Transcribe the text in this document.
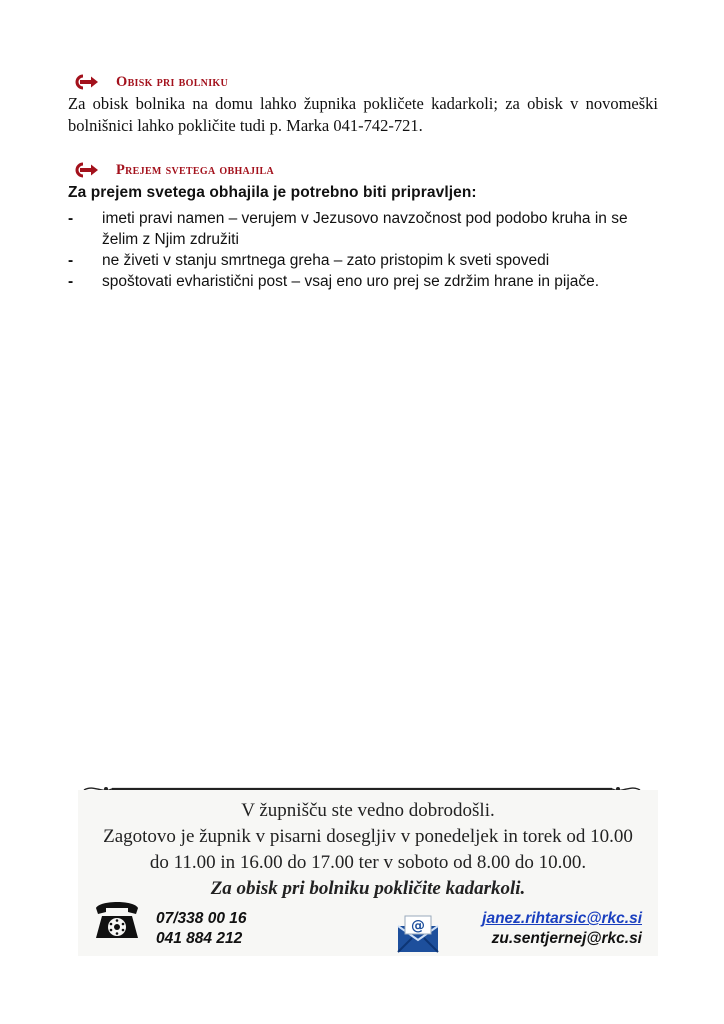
Obisk pri bolniku
Za obisk bolnika na domu lahko župnika pokličete kadarkoli; za obisk v novomeški bolnišnici lahko pokličite tudi p. Marka 041-742-721.
Prejem svetega obhajila
Za prejem svetega obhajila je potrebno biti pripravljen:
-	imeti pravi namen – verujem v Jezusovo navzočnost pod podobo kruha in se želim z Njim združiti
-	ne živeti v stanju smrtnega greha – zato pristopim k sveti spovedi
-	spoštovati evharistični post – vsaj eno uro prej se zdržim hrane in pijače.
V župnišču ste vedno dobrodošli.
Zagotovo je župnik v pisarni dosegljiv v ponedeljek in torek od 10.00
do 11.00 in 16.00 do 17.00 ter v soboto od 8.00 do 10.00.
Za obisk pri bolniku pokličite kadarkoli.
07/338 00 16
041 884 212
@	janez.rihtarsic@rkc.si
zu.sentjernej@rkc.si
